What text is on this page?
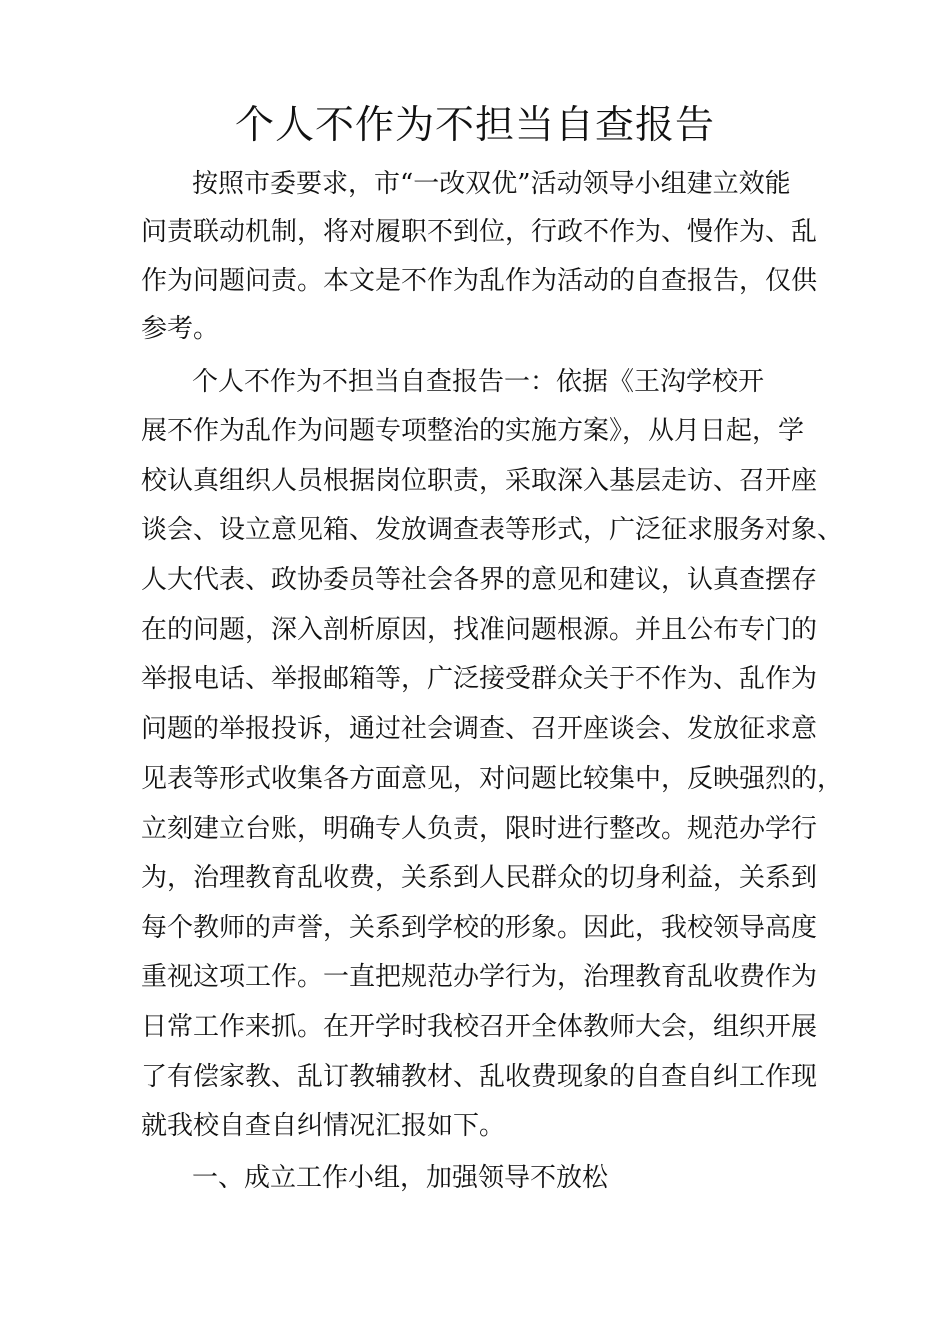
个人不作为不担当自查报告
按照市委要求，市“一改双优”活动领导小组建立效能
问责联动机制，将对履职不到位，行政不作为、慢作为、乱
作为问题问责。本文是不作为乱作为活动的自查报告，仅供
参考。
个人不作为不担当自查报告一：依据《王沟学校开
展不作为乱作为问题专项整治的实施方案》，从月日起，学
校认真组织人员根据岗位职责，采取深入基层走访、召开座
谈会、设立意见箱、发放调查表等形式，广泛征求服务对象、
人大代表、政协委员等社会各界的意见和建议，认真查摆存
在的问题，深入剖析原因，找准问题根源。并且公布专门的
举报电话、举报邮箱等，广泛接受群众关于不作为、乱作为
问题的举报投诉，通过社会调查、召开座谈会、发放征求意
见表等形式收集各方面意见，对问题比较集中，反映强烈的，
立刻建立台账，明确专人负责，限时进行整改。规范办学行
为，治理教育乱收费，关系到人民群众的切身利益，关系到
每个教师的声誉，关系到学校的形象。因此，我校领导高度
重视这项工作。一直把规范办学行为，治理教育乱收费作为
日常工作来抓。在开学时我校召开全体教师大会，组织开展
了有偿家教、乱订教辅教材、乱收费现象的自查自纠工作现
就我校自查自纠情况汇报如下。
一、成立工作小组，加强领导不放松
